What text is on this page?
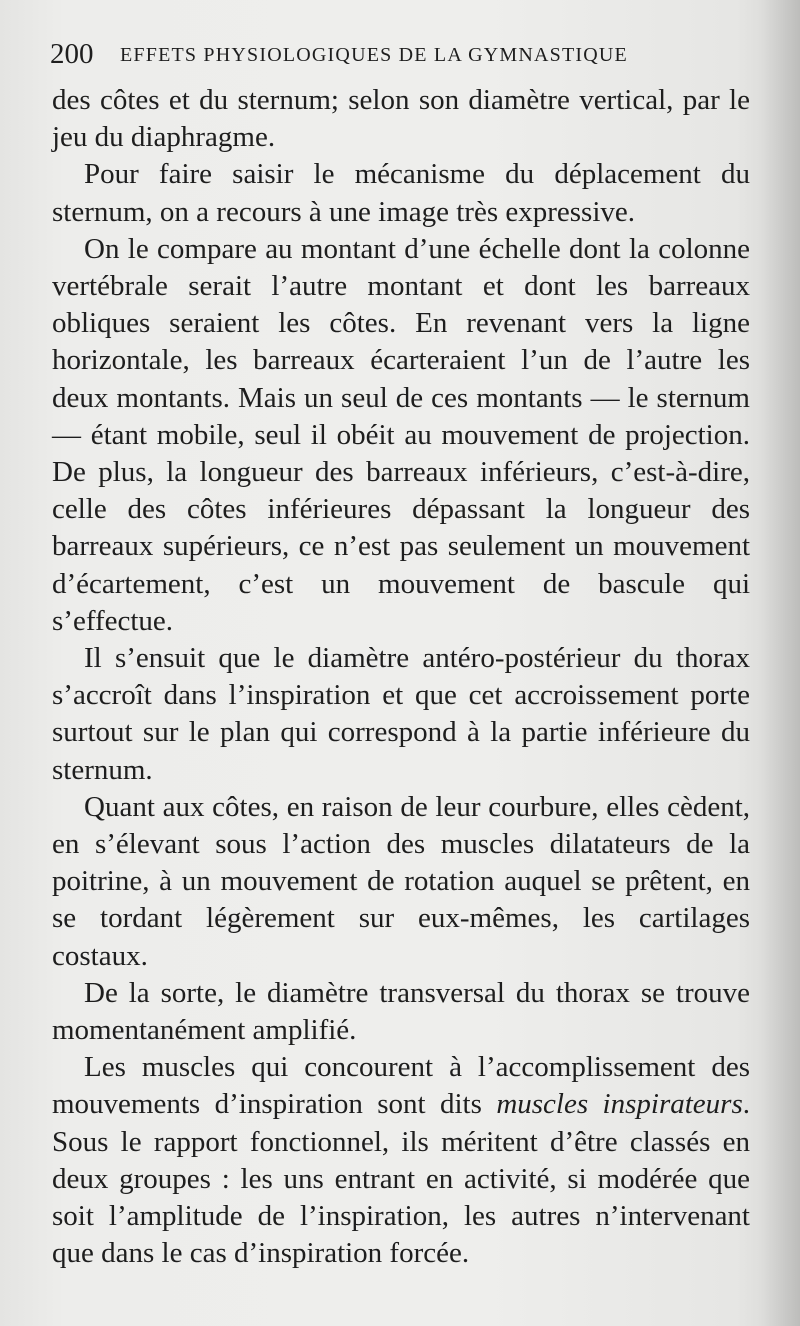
200 EFFETS PHYSIOLOGIQUES DE LA GYMNASTIQUE

des côtes et du sternum; selon son diamètre vertical, par le jeu du diaphragme.

Pour faire saisir le mécanisme du déplacement du sternum, on a recours à une image très expressive.

On le compare au montant d’une échelle dont la colonne vertébrale serait l’autre montant et dont les barreaux obliques seraient les côtes. En revenant vers la ligne horizontale, les barreaux écarteraient l’un de l’autre les deux montants. Mais un seul de ces montants — le sternum — étant mobile, seul il obéit au mouvement de projection. De plus, la longueur des barreaux inférieurs, c’est-à-dire, celle des côtes inférieures dépassant la longueur des barreaux supérieurs, ce n’est pas seulement un mouvement d’écartement, c’est un mouvement de bascule qui s’effectue.

Il s’ensuit que le diamètre antéro-postérieur du thorax s’accroît dans l’inspiration et que cet accroissement porte surtout sur le plan qui correspond à la partie inférieure du sternum.

Quant aux côtes, en raison de leur courbure, elles cèdent, en s’élevant sous l’action des muscles dilatateurs de la poitrine, à un mouvement de rotation auquel se prêtent, en se tordant légèrement sur eux-mêmes, les cartilages costaux.

De la sorte, le diamètre transversal du thorax se trouve momentanément amplifié.

Les muscles qui concourent à l’accomplissement des mouvements d’inspiration sont dits muscles inspirateurs. Sous le rapport fonctionnel, ils méritent d’être classés en deux groupes : les uns entrant en activité, si modérée que soit l’amplitude de l’inspiration, les autres n’intervenant que dans le cas d’inspiration forcée.
